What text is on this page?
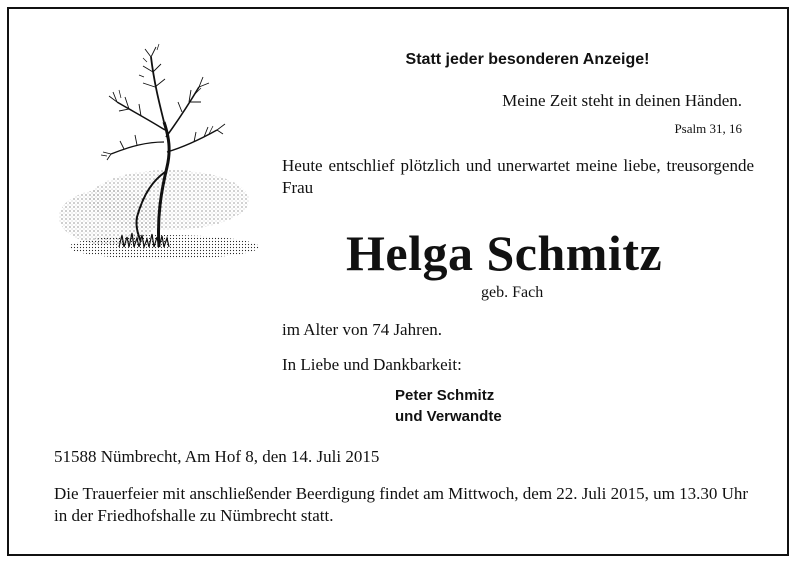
Statt jeder besonderen Anzeige!
Meine Zeit steht in deinen Händen.
Psalm 31, 16
Heute entschlief plötzlich und unerwartet meine liebe, treusorgende Frau
Helga Schmitz
geb. Fach
im Alter von 74 Jahren.
In Liebe und Dankbarkeit:
Peter Schmitz
und Verwandte
51588 Nümbrecht, Am Hof 8, den 14. Juli 2015
Die Trauerfeier mit anschließender Beerdigung findet am Mittwoch, dem 22. Juli 2015, um 13.30 Uhr in der Friedhofshalle zu Nümbrecht statt.
